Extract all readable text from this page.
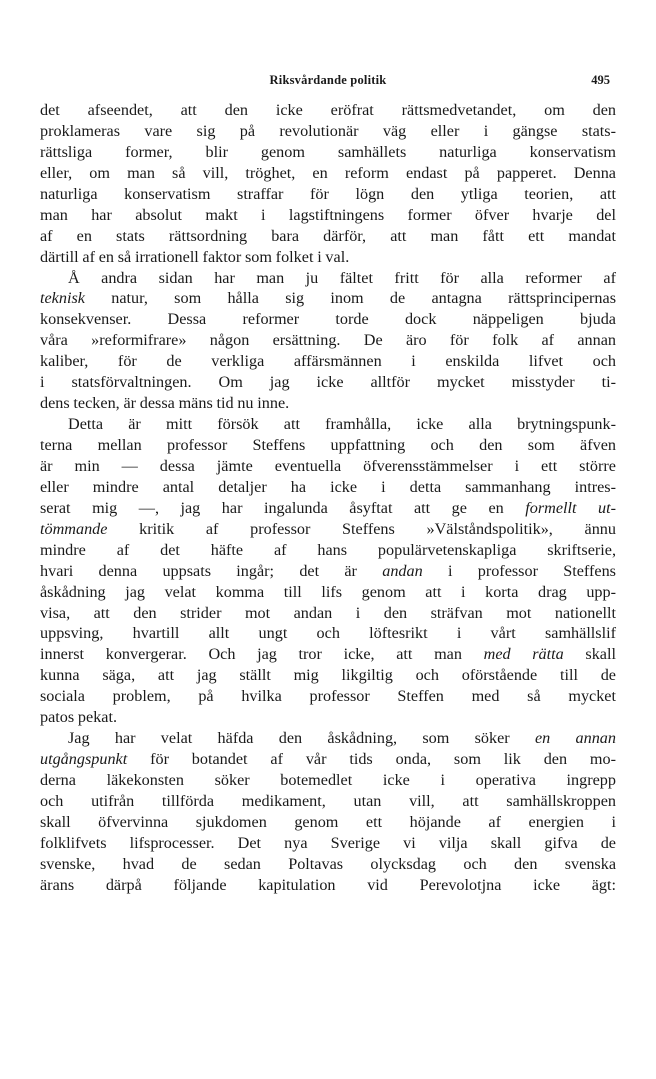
Riksvårdande politik	495
det afseendet, att den icke eröfrat rättsmedvetandet, om den
proklameras vare sig på revolutionär väg eller i gängse stats-
rättsliga former, blir genom samhällets naturliga konservatism
eller, om man så vill, tröghet, en reform endast på papperet. Denna
naturliga konservatism straffar för lögn den ytliga teorien, att
man har absolut makt i lagstiftningens former öfver hvarje del
af en stats rättsordning bara därför, att man fått ett mandat
därtill af en så irrationell faktor som folket i val.
Å andra sidan har man ju fältet fritt för alla reformer af
teknisk natur, som hålla sig inom de antagna rättsprincipernas
konsekvenser. Dessa reformer torde dock näppeligen bjuda
våra »reformifrare» någon ersättning. De äro för folk af annan
kaliber, för de verkliga affärsmännen i enskilda lifvet och
i statsförvaltningen. Om jag icke alltför mycket misstyder ti-
dens tecken, är dessa mäns tid nu inne.
Detta är mitt försök att framhålla, icke alla brytningspunk-
terna mellan professor Steffens uppfattning och den som äfven
är min — dessa jämte eventuella öfverensstämmelser i ett större
eller mindre antal detaljer ha icke i detta sammanhang intres-
serat mig —, jag har ingalunda åsyftat att ge en formellt ut-
tömmande kritik af professor Steffens »Välståndspolitik», ännu
mindre af det häfte af hans populärvetenskapliga skriftserie,
hvari denna uppsats ingår; det är andan i professor Steffens
åskådning jag velat komma till lifs genom att i korta drag upp-
visa, att den strider mot andan i den sträfvan mot nationellt
uppsving, hvartill allt ungt och löftesrikt i vårt samhällslif
innerst konvergerar. Och jag tror icke, att man med rätta skall
kunna säga, att jag ställt mig likgiltig och oförstående till de
sociala problem, på hvilka professor Steffen med så mycket
patos pekat.
Jag har velat häfda den åskådning, som söker en annan
utgångspunkt för botandet af vår tids onda, som lik den mo-
derna läkekonsten söker botemedlet icke i operativa ingrepp
och utifrån tillförda medikament, utan vill, att samhällskroppen
skall öfvervinna sjukdomen genom ett höjande af energien i
folklifvets lifsprocesser. Det nya Sverige vi vilja skall gifva de
svenske, hvad de sedan Poltavas olycksdag och den svenska
ärans därpå följande kapitulation vid Perevolotjna icke ägt:
